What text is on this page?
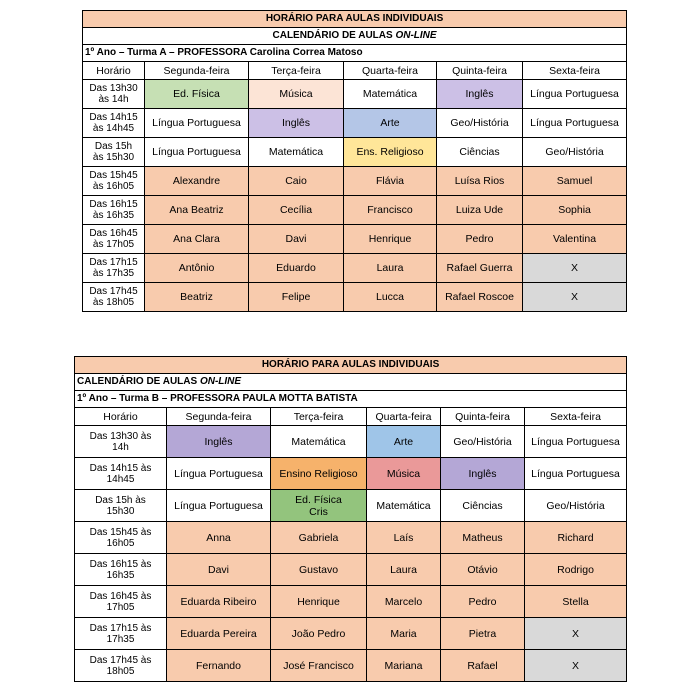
HORÁRIO PARA AULAS INDIVIDUAIS					
CALENDÁRIO DE AULAS ON-LINE					
1º Ano – Turma A – PROFESSORA Carolina Correa Matoso					
Horário	Segunda-feira	Terça-feira	Quarta-feira	Quinta-feira	Sexta-feira
Das 13h30
às 14h	Ed. Física	Música	Matemática	Inglês	Língua Portuguesa
Das 14h15
às 14h45	Língua Portuguesa	Inglês	Arte	Geo/História	Língua Portuguesa
Das 15h
às 15h30	Língua Portuguesa	Matemática	Ens. Religioso	Ciências	Geo/História
Das 15h45
às 16h05	Alexandre	Caio	Flávia	Luísa Rios	Samuel
Das 16h15
às 16h35	Ana Beatriz	Cecília	Francisco	Luiza Ude	Sophia
Das 16h45
às 17h05	Ana Clara	Davi	Henrique	Pedro	Valentina
Das 17h15
às 17h35	Antônio	Eduardo	Laura	Rafael Guerra	X
Das 17h45
às 18h05	Beatriz	Felipe	Lucca	Rafael Roscoe	X
HORÁRIO PARA AULAS INDIVIDUAIS					
CALENDÁRIO DE AULAS ON-LINE					
1º Ano – Turma B – PROFESSORA PAULA MOTTA BATISTA					
Horário	Segunda-feira	Terça-feira	Quarta-feira	Quinta-feira	Sexta-feira
Das 13h30 às
14h	Inglês	Matemática	Arte	Geo/História	Língua Portuguesa
Das 14h15 às
14h45	Língua Portuguesa	Ensino Religioso	Música	Inglês	Língua Portuguesa
Das 15h às
15h30	Língua Portuguesa	Ed. Física
Cris	Matemática	Ciências	Geo/História
Das 15h45 às
16h05	Anna	Gabriela	Laís	Matheus	Richard
Das 16h15 às
16h35	Davi	Gustavo	Laura	Otávio	Rodrigo
Das 16h45 às
17h05	Eduarda Ribeiro	Henrique	Marcelo	Pedro	Stella
Das 17h15 às
17h35	Eduarda Pereira	João Pedro	Maria	Pietra	X
Das 17h45 às
18h05	Fernando	José Francisco	Mariana	Rafael	X
